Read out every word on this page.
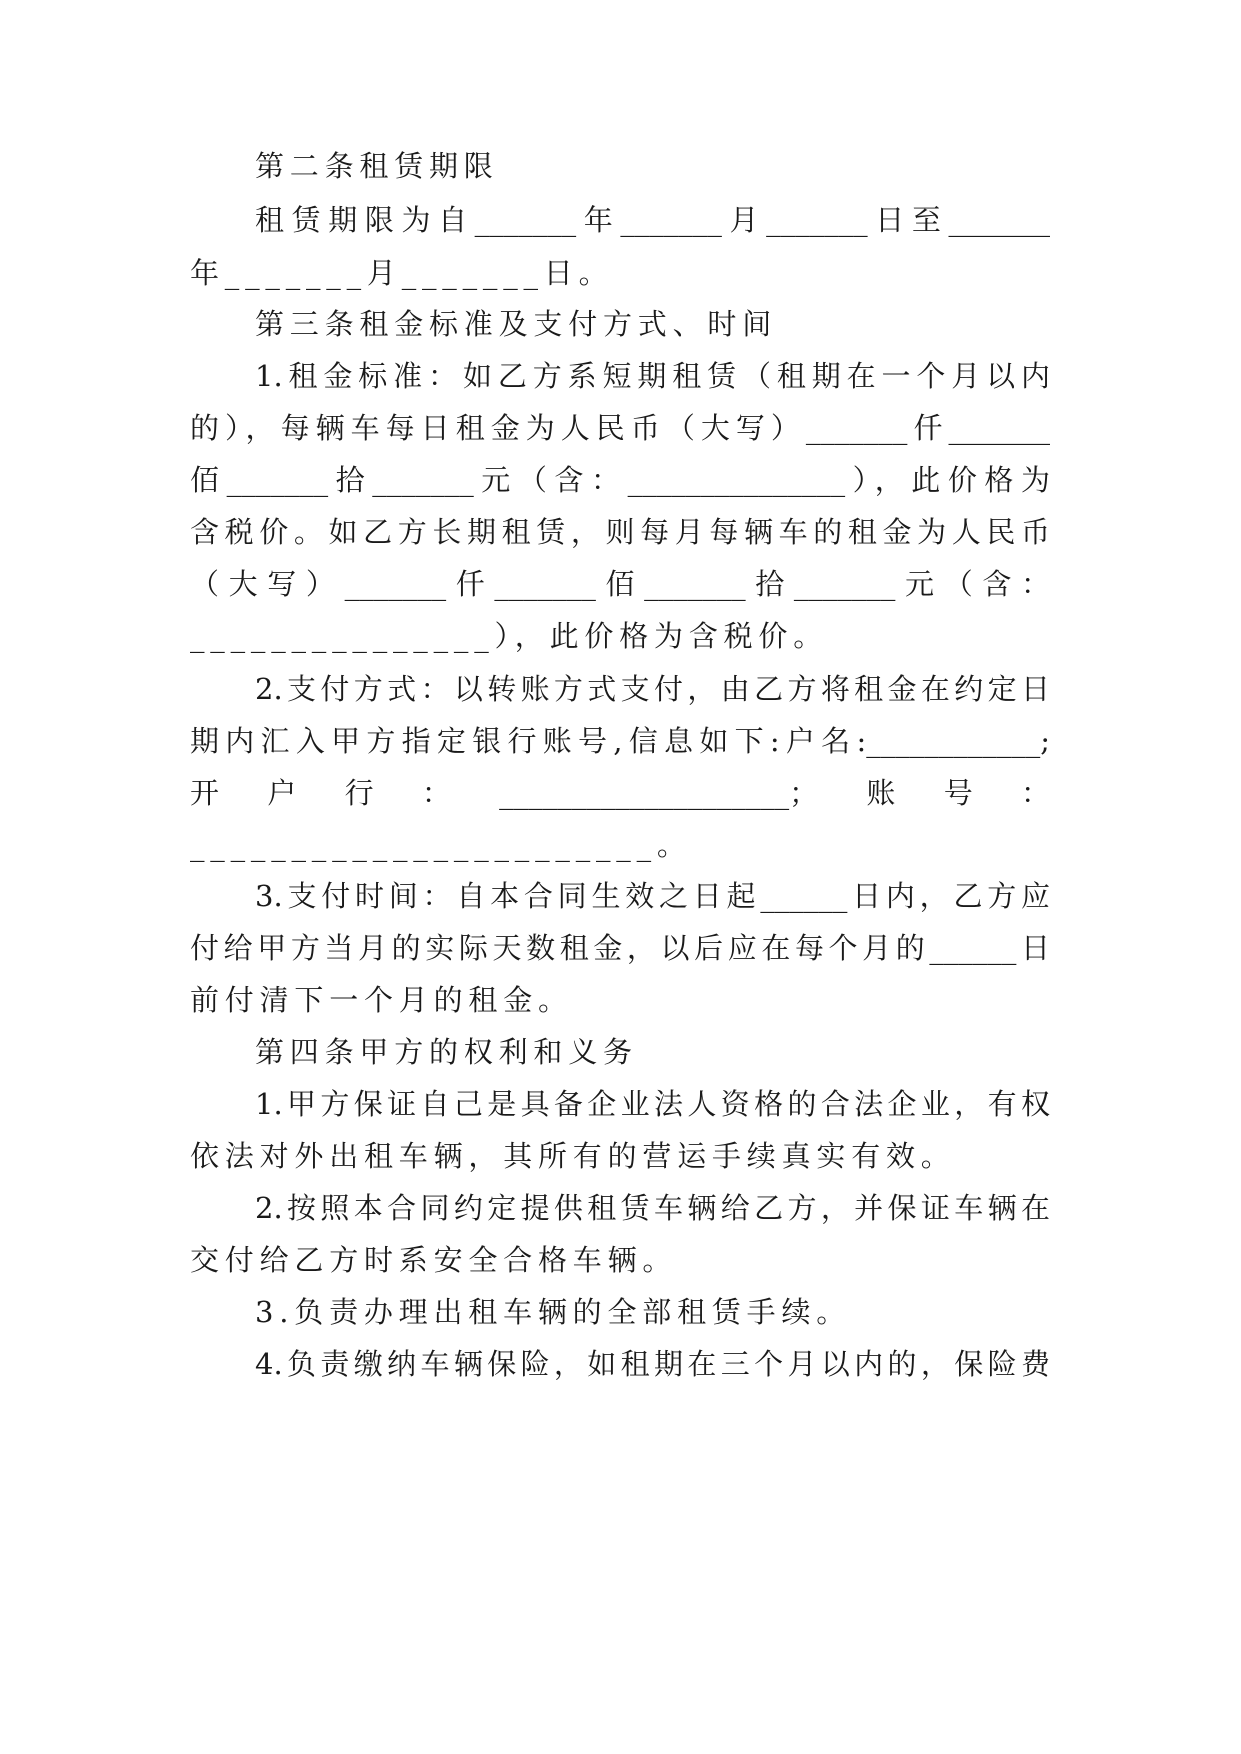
第二条租赁期限
租赁期限为自_______年_______月_______日至_______
年_______月_______日。
第三条租金标准及支付方式、时间
1.租金标准：如乙方系短期租赁（租期在一个月以内
的），每辆车每日租金为人民币（大写）_______仟_______
佰_______拾_______元（含：_______________），此价格为
含税价。如乙方长期租赁，则每月每辆车的租金为人民币
（大写）_______仟_______佰_______拾_______元（含：
_______________），此价格为含税价。
2.支付方式：以转账方式支付，由乙方将租金在约定日
期内汇入甲方指定银行账号,信息如下:户名:____________;
开户行：____________________；账号：
_______________________。
3.支付时间：自本合同生效之日起______日内，乙方应
付给甲方当月的实际天数租金，以后应在每个月的______日
前付清下一个月的租金。
第四条甲方的权利和义务
1.甲方保证自己是具备企业法人资格的合法企业，有权
依法对外出租车辆，其所有的营运手续真实有效。
2.按照本合同约定提供租赁车辆给乙方，并保证车辆在
交付给乙方时系安全合格车辆。
3.负责办理出租车辆的全部租赁手续。
4.负责缴纳车辆保险，如租期在三个月以内的，保险费
